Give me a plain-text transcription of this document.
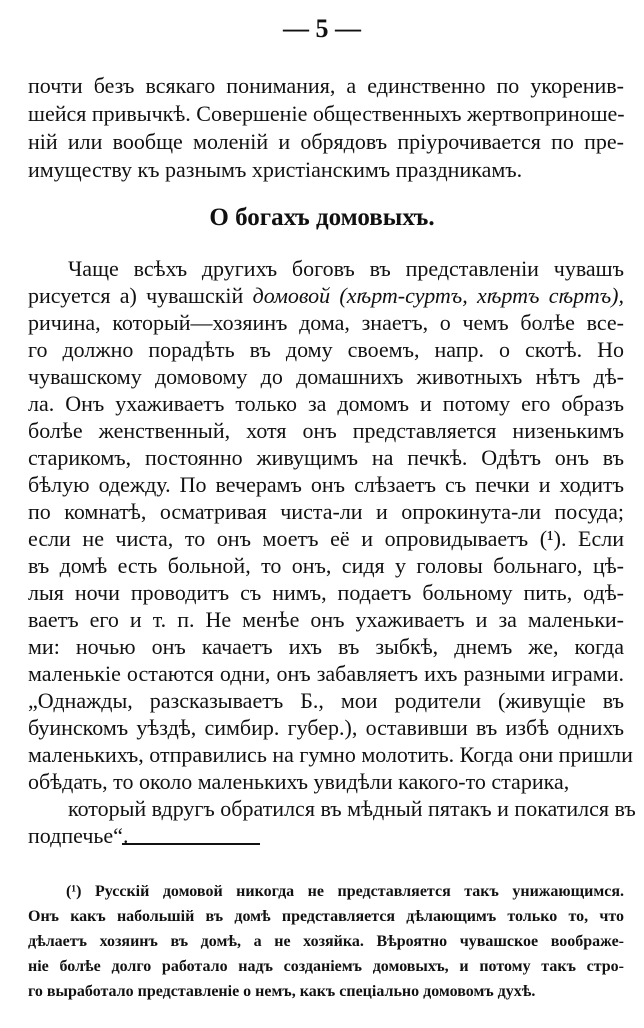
— 5 —
почти безъ всякаго понимания, а единственно по укоренив-
шейся привычкѣ. Совершеніе общественныхъ жертвоприноше-
ній или вообще моленій и обрядовъ пріурочивается по пре-
имуществу къ разнымъ христіанскимъ праздникамъ.
О богахъ домовыхъ.
Чаще всѣхъ другихъ боговъ въ представленіи чувашъ
рисуется а) чувашскій домовой (хѣрт-суртъ, хѣртъ сѣртъ),
ричина, который—хозяинъ дома, знаетъ, о чемъ болѣе все-
го должно порадѣть въ дому своемъ, напр. о скотѣ. Но
чувашскому домовому до домашнихъ животныхъ нѣтъ дѣ-
ла. Онъ ухаживаетъ только за домомъ и потому его образъ
болѣе женственный, хотя онъ представляется низенькимъ
старикомъ, постоянно живущимъ на печкѣ. Одѣтъ онъ въ
бѣлую одежду. По вечерамъ онъ слѣзаетъ съ печки и ходитъ
по комнатѣ, осматривая чиста-ли и опрокинута-ли посуда;
если не чиста, то онъ моетъ её и опровидываетъ (¹). Если
въ домѣ есть больной, то онъ, сидя у головы больнаго, цѣ-
лыя ночи проводитъ съ нимъ, подаетъ больному пить, одѣ-
ваетъ его и т. п. Не менѣе онъ ухаживаетъ и за маленьки-
ми: ночью онъ качаетъ ихъ въ зыбкѣ, днемъ же, когда
маленькіе остаются одни, онъ забавляетъ ихъ разными играми.
„Однажды, разсказываетъ Б., мои родители (живущіе въ
буинскомъ уѣздѣ, симбир. губер.), оставивши въ избѣ однихъ
маленькихъ, отправились на гумно молотить. Когда они пришли
обѣдать, то около маленькихъ увидѣли какого-то старика,
который вдругъ обратился въ мѣдный пятакъ и покатился въ
подпечье“.
(¹) Русскій домовой никогда не представляется такъ унижающимся.
Онъ какъ набольшій въ домѣ представляется дѣлающимъ только то, что
дѣлаетъ хозяинъ въ домѣ, а не хозяйка. Вѣроятно чувашское воображе-
ніе болѣе долго работало надъ созданіемъ домовыхъ, и потому такъ стро-
го выработало представленіе о немъ, какъ спеціально домовомъ духѣ.
